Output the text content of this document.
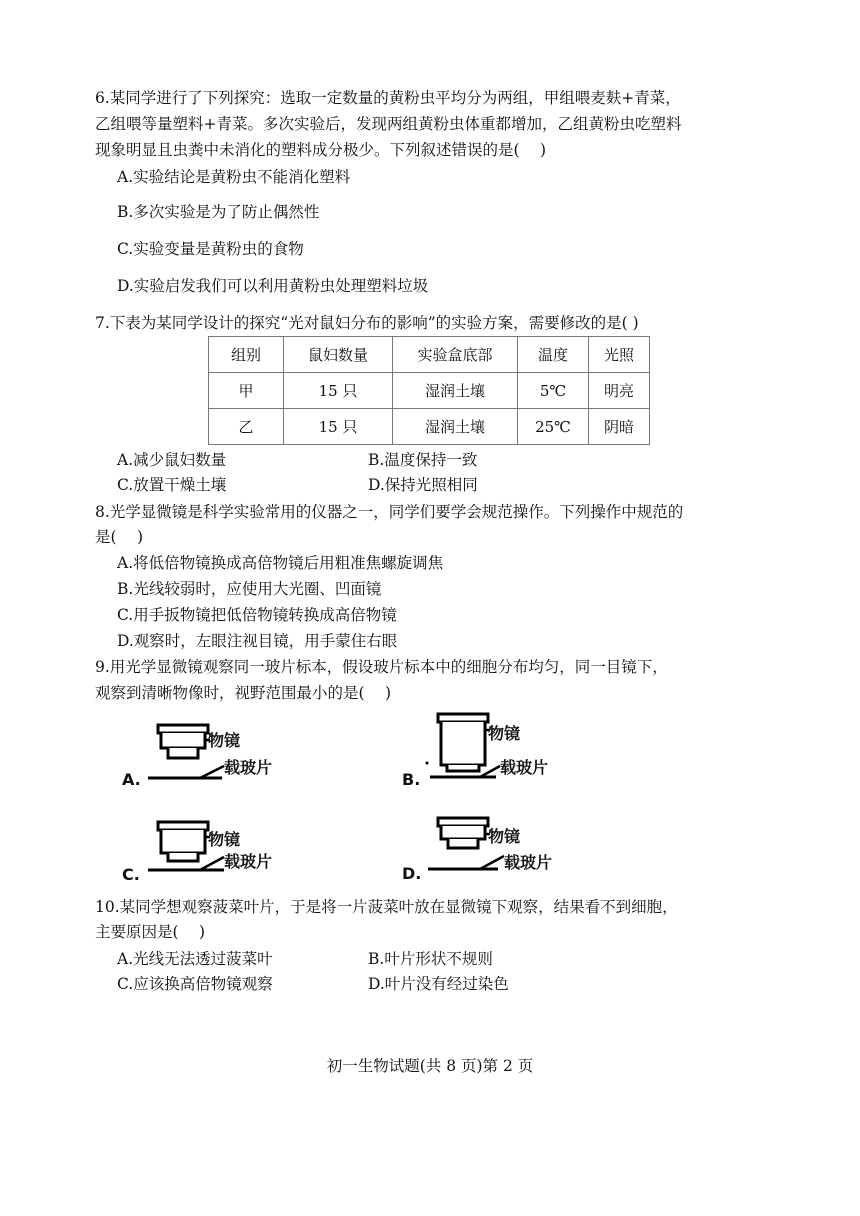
6.某同学进行了下列探究：选取一定数量的黄粉虫平均分为两组，甲组喂麦麸+青菜，
乙组喂等量塑料+青菜。多次实验后，发现两组黄粉虫体重都增加，乙组黄粉虫吃塑料
现象明显且虫粪中未消化的塑料成分极少。下列叙述错误的是(　 )
A.实验结论是黄粉虫不能消化塑料
B.多次实验是为了防止偶然性
C.实验变量是黄粉虫的食物
D.实验启发我们可以利用黄粉虫处理塑料垃圾
7.下表为某同学设计的探究“光对鼠妇分布的影响”的实验方案，需要修改的是( )
组别	鼠妇数量	实验盒底部	温度	光照
甲	15 只	湿润土壤	5℃	明亮
乙	15 只	湿润土壤	25℃	阴暗
A.减少鼠妇数量	B.温度保持一致
C.放置干燥土壤	D.保持光照相同
8.光学显微镜是科学实验常用的仪器之一，同学们要学会规范操作。下列操作中规范的
是(　 )
A.将低倍物镜换成高倍物镜后用粗准焦螺旋调焦
B.光线较弱时，应使用大光圈、凹面镜
C.用手扳物镜把低倍物镜转换成高倍物镜
D.观察时，左眼注视目镜，用手蒙住右眼
9.用光学显微镜观察同一玻片标本，假设玻片标本中的细胞分布均匀，同一目镜下，
观察到清晰物像时，视野范围最小的是(　 )
物镜
载玻片
A.
物镜
载玻片
B.
物镜
载玻片
C.
物镜
载玻片
D.
10.某同学想观察菠菜叶片，于是将一片菠菜叶放在显微镜下观察，结果看不到细胞，
主要原因是(　 )
A.光线无法透过菠菜叶	B.叶片形状不规则
C.应该换高倍物镜观察	D.叶片没有经过染色
初一生物试题(共 8 页)第 2 页
